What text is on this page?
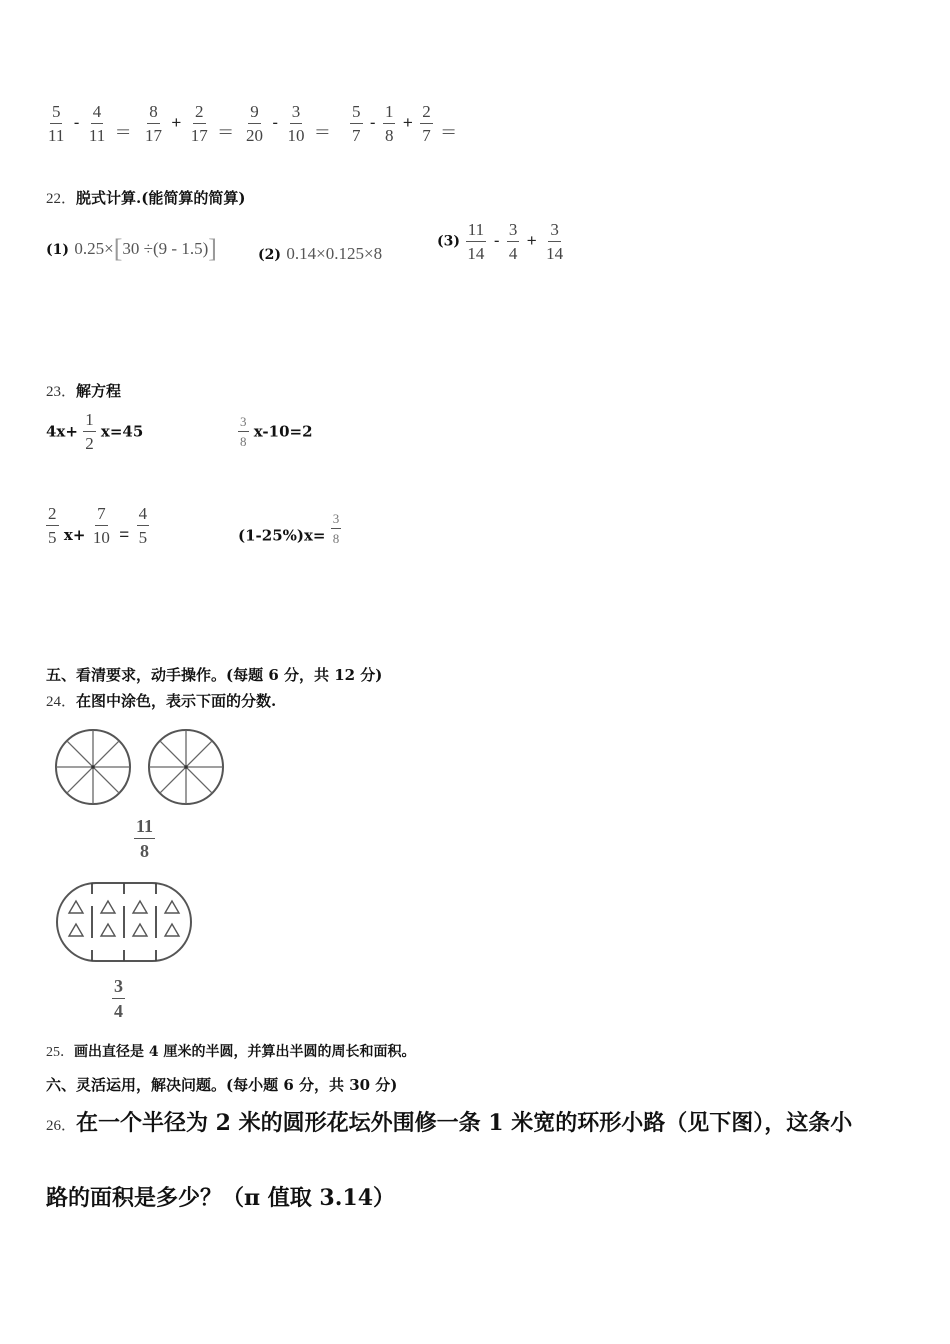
$\frac{5}{11} - \frac{4}{11} = \frac{8}{17} + \frac{2}{17} = \frac{9}{20} - \frac{3}{10} = \frac{5}{7} - \frac{1}{8} + \frac{2}{7}$ ＝
22．脱式计算.(能简算的简算)
(1) 0.25×[30 ÷(9 - 1.5)]	(2) 0.14×0.125×8
$(3) \frac{11}{14} - \frac{3}{4} + \frac{3}{14}$
23．解方程
$4x+ \frac{1}{2} x=45$	$\frac{3}{8} x-10=2$
$\frac{2}{5} x+ \frac{7}{10} = \frac{4}{5}$	$(1-25\%)x= \frac{3}{8}$
五、看清要求，动手操作。(每题 6 分，共 12 分)
24．在图中涂色，表示下面的分数.
$\frac{11}{8}$
$\frac{3}{4}$
25．画出直径是 4 厘米的半圆，并算出半圆的周长和面积。
六、灵活运用，解决问题。(每小题 6 分，共 30 分)
26．在一个半径为 2 米的圆形花坛外围修一条 1 米宽的环形小路（见下图），这条小
路的面积是多少？（π 值取 3.14）
